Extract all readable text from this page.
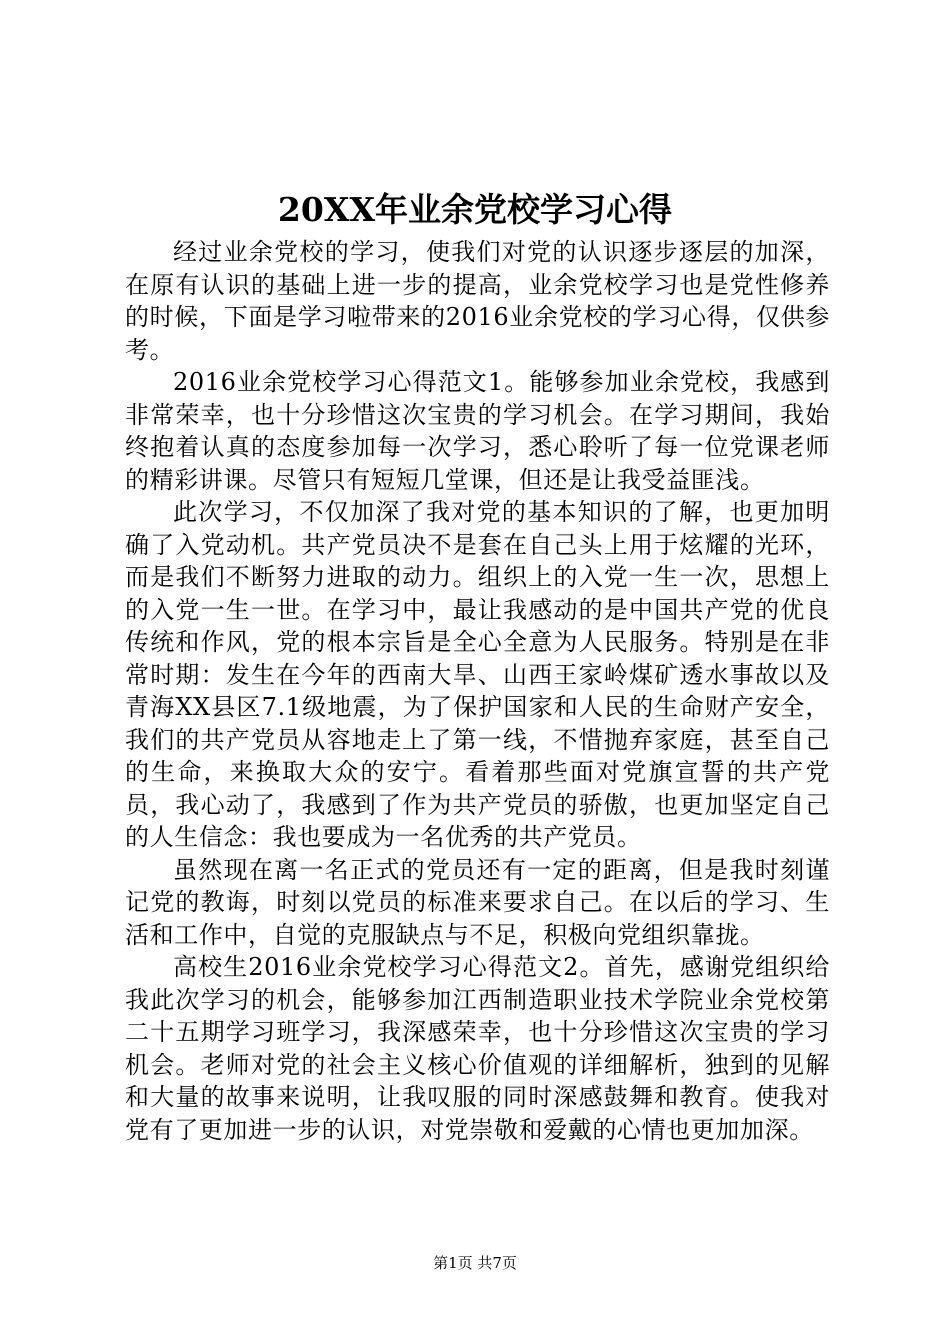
20XX年业余党校学习心得

经过业余党校的学习，使我们对党的认识逐步逐层的加深，在原有认识的基础上进一步的提高，业余党校学习也是党性修养的时候，下面是学习啦带来的2016业余党校的学习心得，仅供参考。

2016业余党校学习心得范文1。能够参加业余党校，我感到非常荣幸，也十分珍惜这次宝贵的学习机会。在学习期间，我始终抱着认真的态度参加每一次学习，悉心聆听了每一位党课老师的精彩讲课。尽管只有短短几堂课，但还是让我受益匪浅。

此次学习，不仅加深了我对党的基本知识的了解，也更加明确了入党动机。共产党员决不是套在自己头上用于炫耀的光环，而是我们不断努力进取的动力。组织上的入党一生一次，思想上的入党一生一世。在学习中，最让我感动的是中国共产党的优良传统和作风，党的根本宗旨是全心全意为人民服务。特别是在非常时期：发生在今年的西南大旱、山西王家岭煤矿透水事故以及青海XX县区7.1级地震，为了保护国家和人民的生命财产安全，我们的共产党员从容地走上了第一线，不惜抛弃家庭，甚至自己的生命，来换取大众的安宁。看着那些面对党旗宣誓的共产党员，我心动了，我感到了作为共产党员的骄傲，也更加坚定自己的人生信念：我也要成为一名优秀的共产党员。

虽然现在离一名正式的党员还有一定的距离，但是我时刻谨记党的教诲，时刻以党员的标准来要求自己。在以后的学习、生活和工作中，自觉的克服缺点与不足，积极向党组织靠拢。

高校生2016业余党校学习心得范文2。首先，感谢党组织给我此次学习的机会，能够参加江西制造职业技术学院业余党校第二十五期学习班学习，我深感荣幸，也十分珍惜这次宝贵的学习机会。老师对党的社会主义核心价值观的详细解析，独到的见解和大量的故事来说明，让我叹服的同时深感鼓舞和教育。使我对党有了更加进一步的认识，对党崇敬和爱戴的心情也更加加深。

第1页 共7页
